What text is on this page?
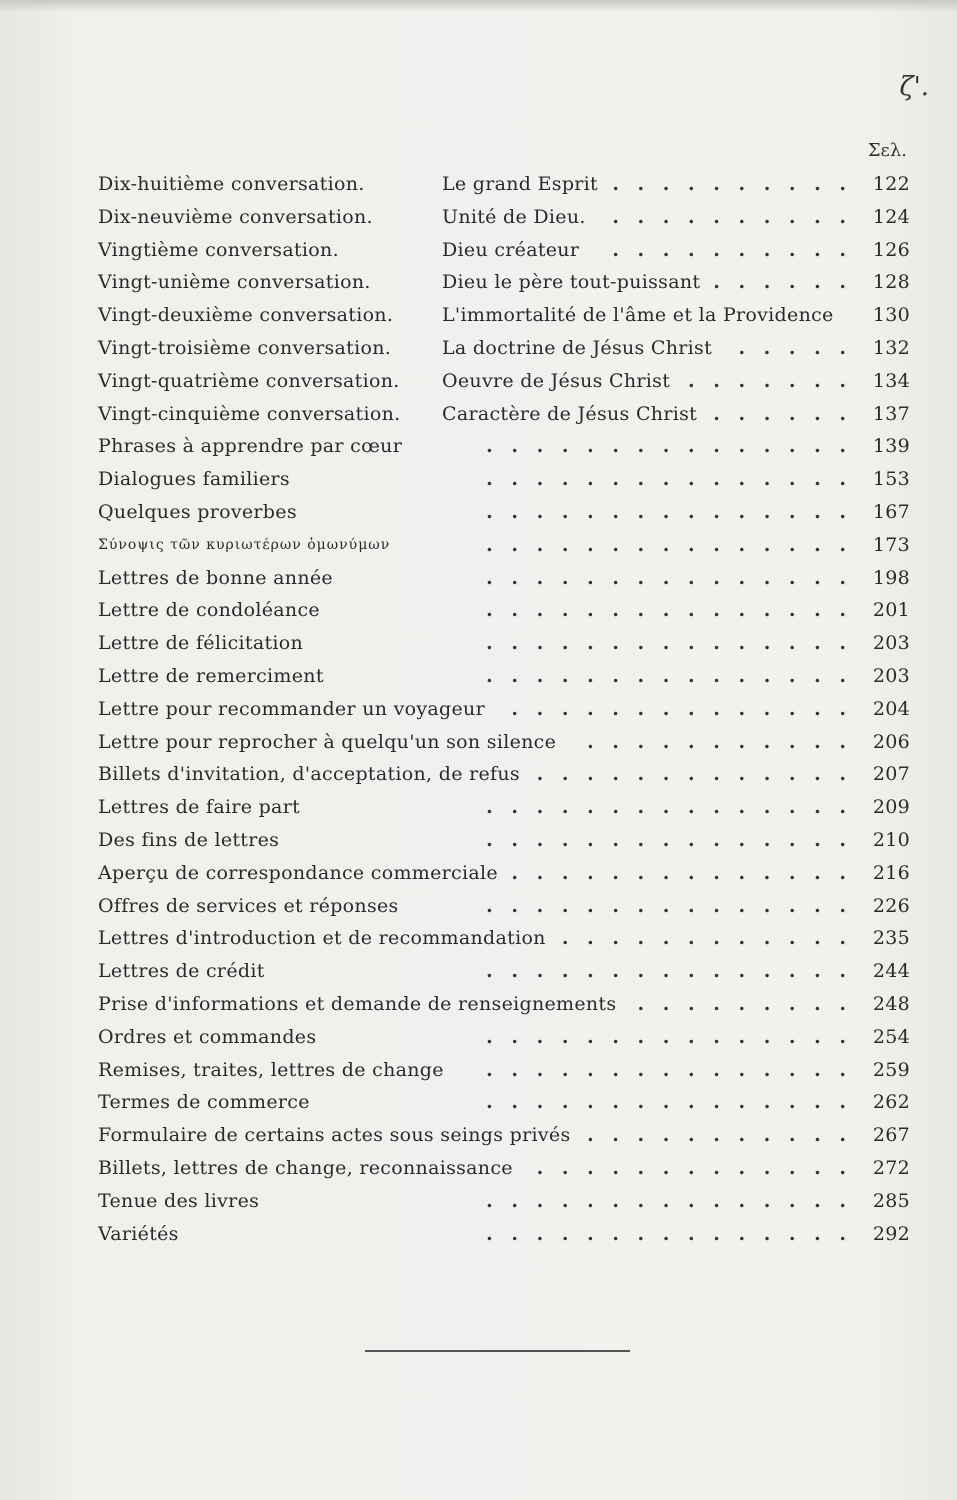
ζ'.
Σελ.
Dix-huitième conversation.	Le grand Esprit . . . . . . . . . . 122
Dix-neuvième conversation.	Unité de Dieu. . . . . . . . . . . 124
Vingtième conversation.	Dieu créateur . . . . . . . . . . 126
Vingt-unième conversation.	Dieu le père tout-puissant . . . . . . 128
Vingt-deuxième conversation.	L'immortalité de l'âme et la Providence 130
Vingt-troisième conversation.	La doctrine de Jésus Christ . . . . . 132
Vingt-quatrième conversation. Oeuvre de Jésus Christ . . . . . . . 134
Vingt-cinquième conversation. Caractère de Jésus Christ . . . . . . 137
Phrases à apprendre par cœur	. . . . . . . . . . . . . . . 139
Dialogues familiers	. . . . . . . . . . . . . . . 153
Quelques proverbes	. . . . . . . . . . . . . . . 167
Σύνοψις τῶν κυριωτέρων ὁμωνύμων	. . . . . . . . . . . . . . . 173
Lettres de bonne année	. . . . . . . . . . . . . . . 198
Lettre de condoléance	. . . . . . . . . . . . . . . 201
Lettre de félicitation	. . . . . . . . . . . . . . . 203
Lettre de remerciment	. . . . . . . . . . . . . . . 203
Lettre pour recommander un voyageur . . . . . . . . . . . . . . 204
Lettre pour reprocher à quelqu'un son silence . . . . . . . . . . . 206
Billets d'invitation, d'acceptation, de refus . . . . . . . . . . . . . 207
Lettres de faire part	. . . . . . . . . . . . . . . 209
Des fins de lettres	. . . . . . . . . . . . . . . 210
Aperçu de correspondance commerciale . . . . . . . . . . . . . . 216
Offres de services et réponses	. . . . . . . . . . . . . . . 226
Lettres d'introduction et de recommandation . . . . . . . . . . . . 235
Lettres de crédit	. . . . . . . . . . . . . . . 244
Prise d'informations et demande de renseignements . . . . . . . . . 248
Ordres et commandes	. . . . . . . . . . . . . . . 254
Remises, traites, lettres de change . . . . . . . . . . . . . . . 259
Termes de commerce	. . . . . . . . . . . . . . . 262
Formulaire de certains actes sous seings privés . . . . . . . . . . . 267
Billets, lettres de change, reconnaissance . . . . . . . . . . . . . 272
Tenue des livres	. . . . . . . . . . . . . . . 285
Variétés	. . . . . . . . . . . . . . . 292
